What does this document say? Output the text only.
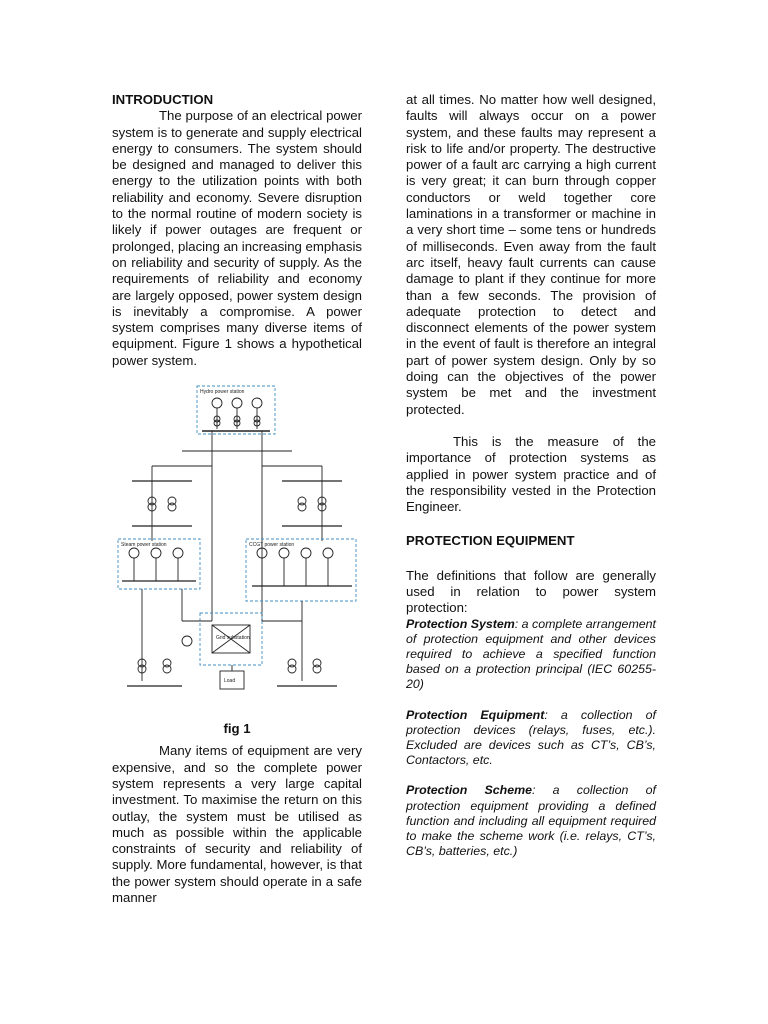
INTRODUCTION

The purpose of an electrical power system is to generate and supply electrical energy to consumers. The system should be designed and managed to deliver this energy to the utilization points with both reliability and economy. Severe disruption to the normal routine of modern society is likely if power outages are frequent or prolonged, placing an increasing emphasis on reliability and security of supply. As the requirements of reliability and economy are largely opposed, power system design is inevitably a compromise. A power system comprises many diverse items of equipment. Figure 1 shows a hypothetical power system.

Hydro power station
Steam power station	CCGT power station
Grid substation
Load

fig 1

Many items of equipment are very expensive, and so the complete power system represents a very large capital investment. To maximise the return on this outlay, the system must be utilised as much as possible within the applicable constraints of security and reliability of supply. More fundamental, however, is that the power system should operate in a safe manner

at all times. No matter how well designed, faults will always occur on a power system, and these faults may represent a risk to life and/or property. The destructive power of a fault arc carrying a high current is very great; it can burn through copper conductors or weld together core laminations in a transformer or machine in a very short time – some tens or hundreds of milliseconds. Even away from the fault arc itself, heavy fault currents can cause damage to plant if they continue for more than a few seconds. The provision of adequate protection to detect and disconnect elements of the power system in the event of fault is therefore an integral part of power system design. Only by so doing can the objectives of the power system be met and the investment protected.

This is the measure of the importance of protection systems as applied in power system practice and of the responsibility vested in the Protection Engineer.

PROTECTION EQUIPMENT

The definitions that follow are generally used in relation to power system protection:

Protection System: a complete arrangement of protection equipment and other devices required to achieve a specified function based on a protection principal (IEC 60255-20)

Protection Equipment: a collection of protection devices (relays, fuses, etc.). Excluded are devices such as CT’s, CB’s, Contactors, etc.

Protection Scheme: a collection of protection equipment providing a defined function and including all equipment required to make the scheme work (i.e. relays, CT’s, CB’s, batteries, etc.)
